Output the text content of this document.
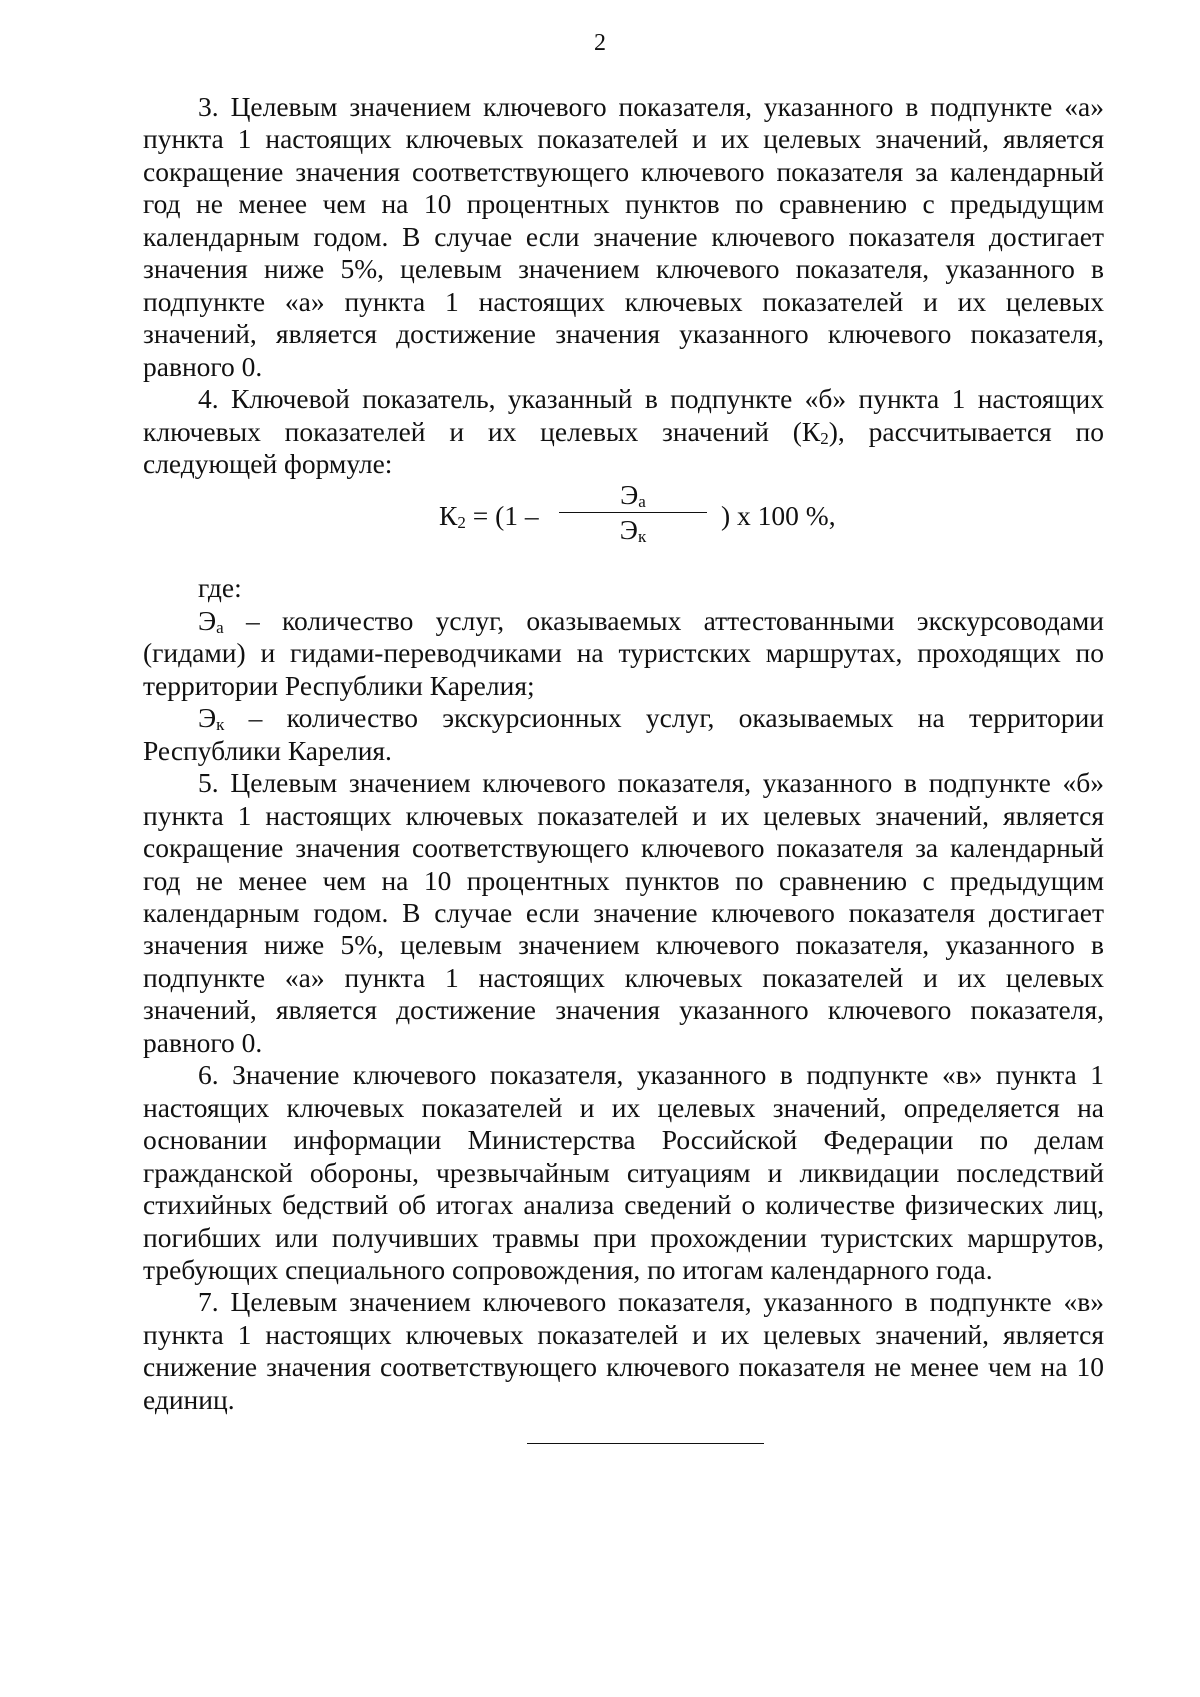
2

3. Целевым значением ключевого показателя, указанного в подпункте «а» пункта 1 настоящих ключевых показателей и их целевых значений, является сокращение значения соответствующего ключевого показателя за календарный год не менее чем на 10 процентных пунктов по сравнению с предыдущим календарным годом. В случае если значение ключевого показателя достигает значения ниже 5%, целевым значением ключевого показателя, указанного в подпункте «а» пункта 1 настоящих ключевых показателей и их целевых значений, является достижение значения указанного ключевого показателя, равного 0.

4. Ключевой показатель, указанный в подпункте «б» пункта 1 настоящих ключевых показателей и их целевых значений $(К_2)$, рассчитывается по следующей формуле:

$К_2 = (1$ –
$Э_а$
$Э_к$
) х 100 %,

где:

$Э_а$ – количество услуг, оказываемых аттестованными экскурсоводами (гидами) и гидами-переводчиками на туристских маршрутах, проходящих по территории Республики Карелия;

$Э_к$ – количество экскурсионных услуг, оказываемых на территории Республики Карелия.

5. Целевым значением ключевого показателя, указанного в подпункте «б» пункта 1 настоящих ключевых показателей и их целевых значений, является сокращение значения соответствующего ключевого показателя за календарный год не менее чем на 10 процентных пунктов по сравнению с предыдущим календарным годом. В случае если значение ключевого показателя достигает значения ниже 5%, целевым значением ключевого показателя, указанного в подпункте «а» пункта 1 настоящих ключевых показателей и их целевых значений, является достижение значения указанного ключевого показателя, равного 0.

6. Значение ключевого показателя, указанного в подпункте «в» пункта 1 настоящих ключевых показателей и их целевых значений, определяется на основании информации Министерства Российской Федерации по делам гражданской обороны, чрезвычайным ситуациям и ликвидации последствий стихийных бедствий об итогах анализа сведений о количестве физических лиц, погибших или получивших травмы при прохождении туристских маршрутов, требующих специального сопровождения, по итогам календарного года.

7. Целевым значением ключевого показателя, указанного в подпункте «в» пункта 1 настоящих ключевых показателей и их целевых значений, является снижение значения соответствующего ключевого показателя не менее чем на 10 единиц.
